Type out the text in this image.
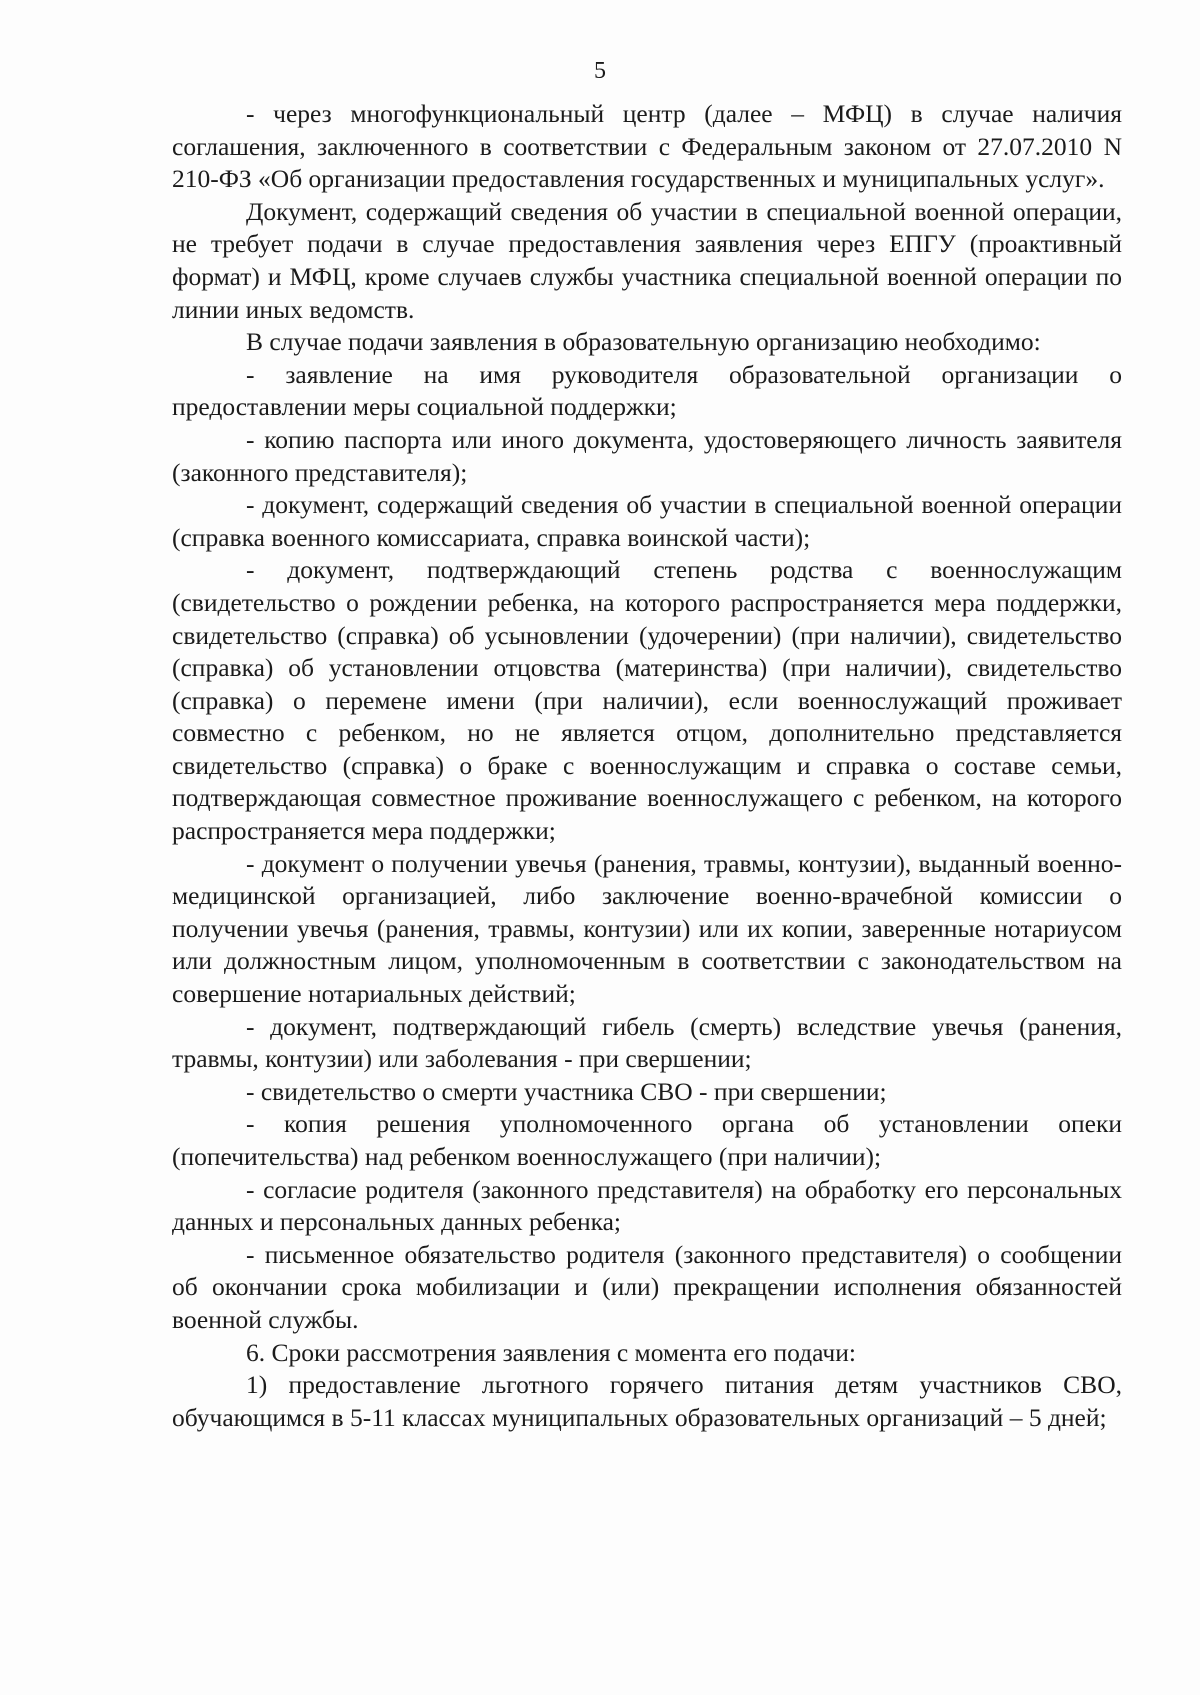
5

- через многофункциональный центр (далее – МФЦ) в случае наличия соглашения, заключенного в соответствии с Федеральным законом от 27.07.2010 N 210-ФЗ «Об организации предоставления государственных и муниципальных услуг».

Документ, содержащий сведения об участии в специальной военной операции, не требует подачи в случае предоставления заявления через ЕПГУ (проактивный формат) и МФЦ, кроме случаев службы участника специальной военной операции по линии иных ведомств.

В случае подачи заявления в образовательную организацию необходимо:

- заявление на имя руководителя образовательной организации о предоставлении меры социальной поддержки;

- копию паспорта или иного документа, удостоверяющего личность заявителя (законного представителя);

- документ, содержащий сведения об участии в специальной военной операции (справка военного комиссариата, справка воинской части);

- документ, подтверждающий степень родства с военнослужащим (свидетельство о рождении ребенка, на которого распространяется мера поддержки, свидетельство (справка) об усыновлении (удочерении) (при наличии), свидетельство (справка) об установлении отцовства (материнства) (при наличии), свидетельство (справка) о перемене имени (при наличии), если военнослужащий проживает совместно с ребенком, но не является отцом, дополнительно представляется свидетельство (справка) о браке с военнослужащим и справка о составе семьи, подтверждающая совместное проживание военнослужащего с ребенком, на которого распространяется мера поддержки;

- документ о получении увечья (ранения, травмы, контузии), выданный военно-медицинской организацией, либо заключение военно-врачебной комиссии о получении увечья (ранения, травмы, контузии) или их копии, заверенные нотариусом или должностным лицом, уполномоченным в соответствии с законодательством на совершение нотариальных действий;

- документ, подтверждающий гибель (смерть) вследствие увечья (ранения, травмы, контузии) или заболевания - при свершении;

- свидетельство о смерти участника СВО - при свершении;

- копия решения уполномоченного органа об установлении опеки (попечительства) над ребенком военнослужащего (при наличии);

- согласие родителя (законного представителя) на обработку его персональных данных и персональных данных ребенка;

- письменное обязательство родителя (законного представителя) о сообщении об окончании срока мобилизации и (или) прекращении исполнения обязанностей военной службы.

6. Сроки рассмотрения заявления с момента его подачи:

1) предоставление льготного горячего питания детям участников СВО, обучающимся в 5-11 классах муниципальных образовательных организаций – 5 дней;
